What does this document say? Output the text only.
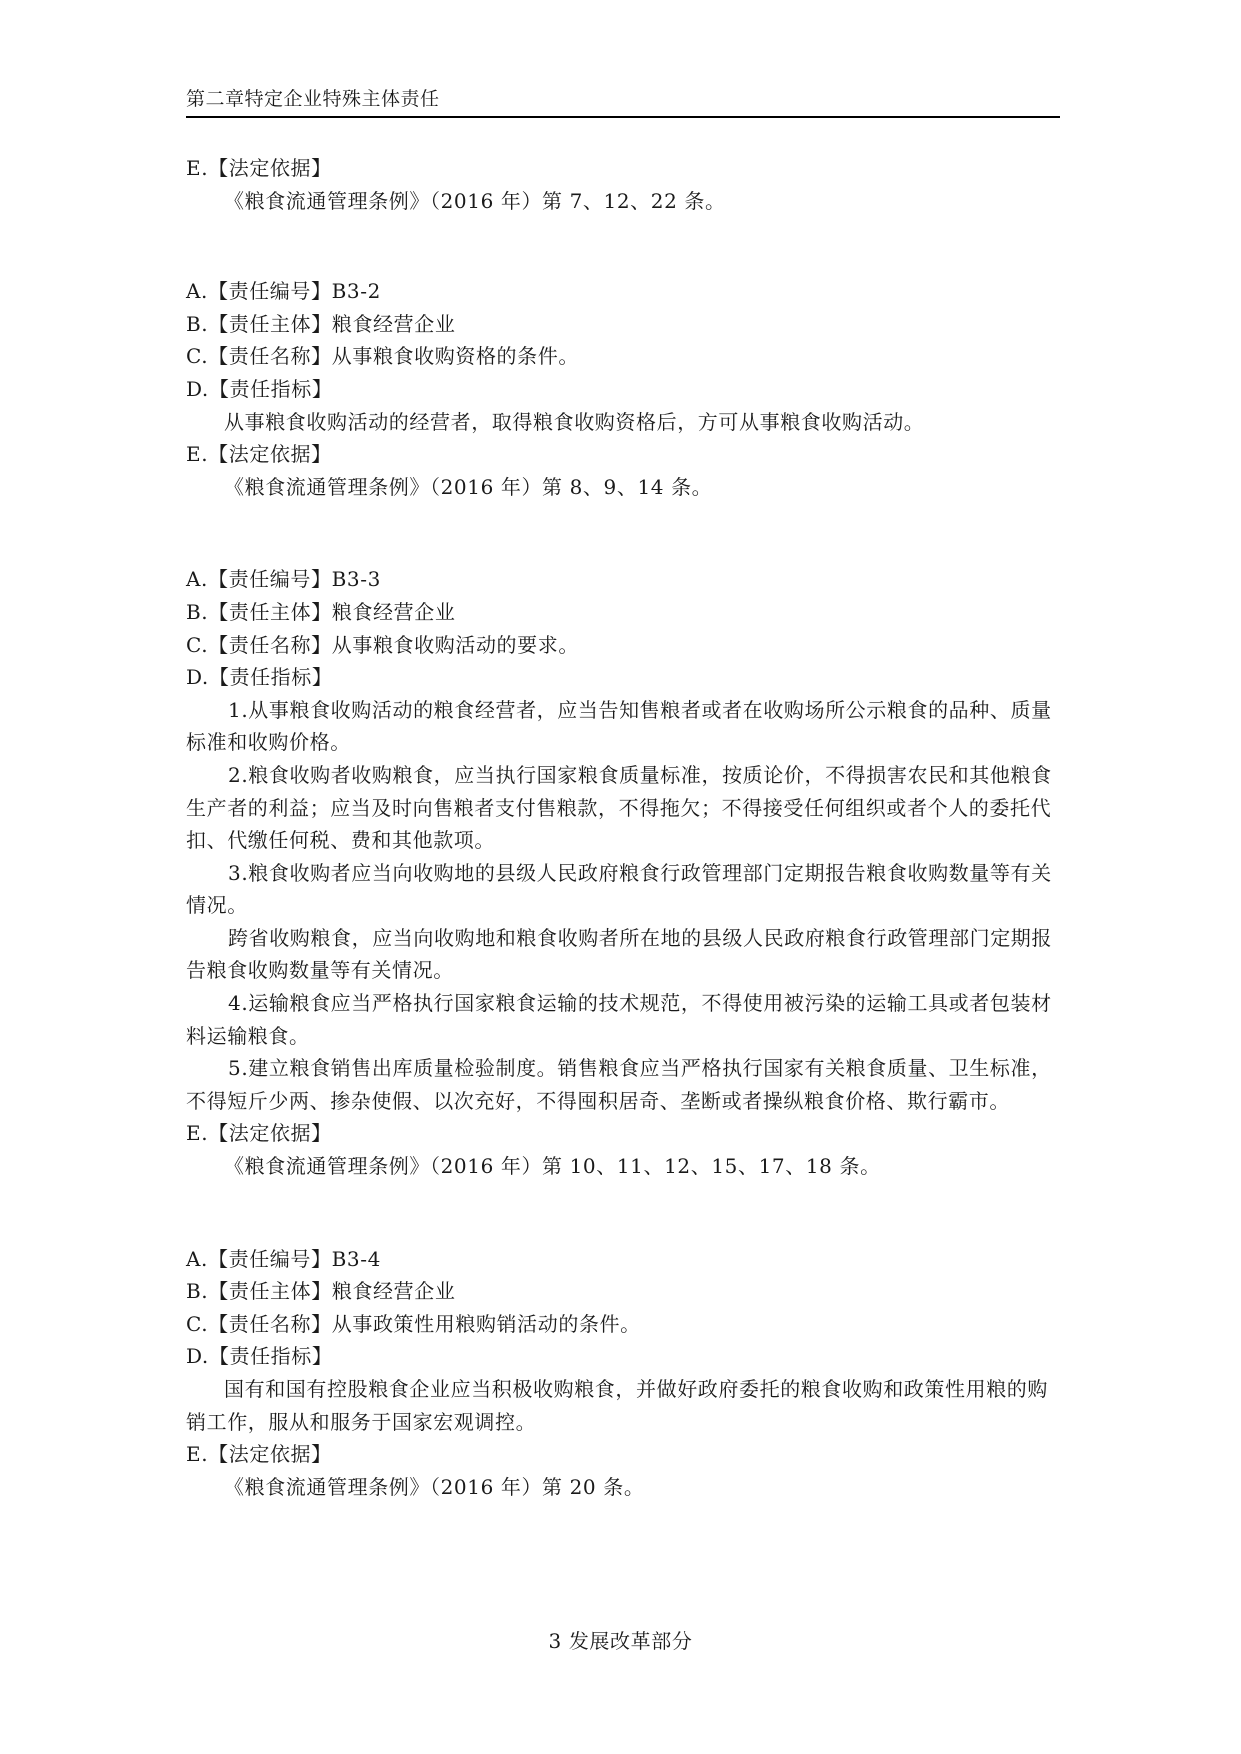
第二章特定企业特殊主体责任

E.【法定依据】

《粮食流通管理条例》（2016 年）第 7、12、22 条。

A.【责任编号】B3-2

B.【责任主体】粮食经营企业

C.【责任名称】从事粮食收购资格的条件。

D.【责任指标】

从事粮食收购活动的经营者，取得粮食收购资格后，方可从事粮食收购活动。

E.【法定依据】

《粮食流通管理条例》（2016 年）第 8、9、14 条。

A.【责任编号】B3-3

B.【责任主体】粮食经营企业

C.【责任名称】从事粮食收购活动的要求。

D.【责任指标】

1.从事粮食收购活动的粮食经营者，应当告知售粮者或者在收购场所公示粮食的品种、质量标准和收购价格。

2.粮食收购者收购粮食，应当执行国家粮食质量标准，按质论价，不得损害农民和其他粮食生产者的利益；应当及时向售粮者支付售粮款，不得拖欠；不得接受任何组织或者个人的委托代扣、代缴任何税、费和其他款项。

3.粮食收购者应当向收购地的县级人民政府粮食行政管理部门定期报告粮食收购数量等有关情况。

跨省收购粮食，应当向收购地和粮食收购者所在地的县级人民政府粮食行政管理部门定期报告粮食收购数量等有关情况。

4.运输粮食应当严格执行国家粮食运输的技术规范，不得使用被污染的运输工具或者包装材料运输粮食。

5.建立粮食销售出库质量检验制度。销售粮食应当严格执行国家有关粮食质量、卫生标准，不得短斤少两、掺杂使假、以次充好，不得囤积居奇、垄断或者操纵粮食价格、欺行霸市。

E.【法定依据】

《粮食流通管理条例》（2016 年）第 10、11、12、15、17、18 条。

A.【责任编号】B3-4

B.【责任主体】粮食经营企业

C.【责任名称】从事政策性用粮购销活动的条件。

D.【责任指标】

国有和国有控股粮食企业应当积极收购粮食，并做好政府委托的粮食收购和政策性用粮的购销工作，服从和服务于国家宏观调控。

E.【法定依据】

《粮食流通管理条例》（2016 年）第 20 条。

3 发展改革部分
